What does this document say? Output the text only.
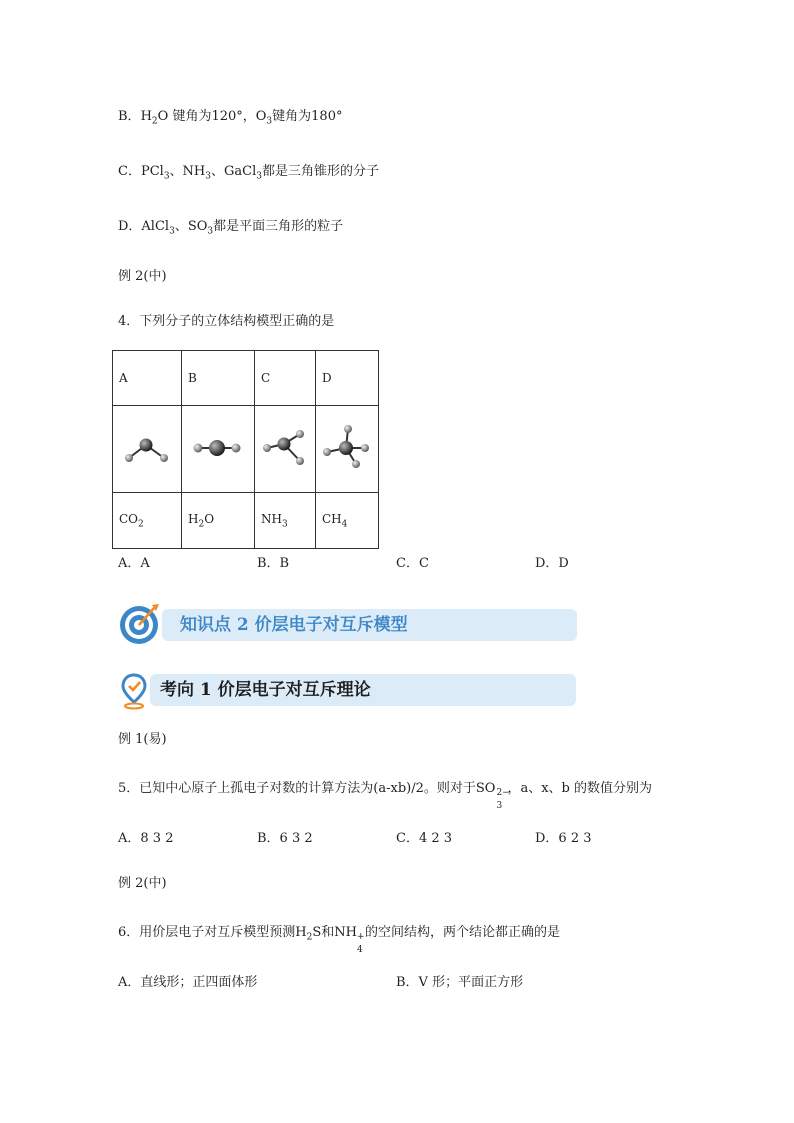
B．$H_2O$ 键角为120°，$O_3$键角为180°
C．PCl$_3$、$NH_3$、GaCl$_3$都是三角锥形的分子
D．AlCl$_3$、$SO_3$都是平面三角形的粒子
例 2(中)
4．下列分子的立体结构模型正确的是
A	B	C	D

$CO_2$	$H_2O$	$NH_3$	$CH_4$
A．A	B．B	C．C	D．D
知识点 2 价层电子对互斥模型
考向 1 价层电子对互斥理论
例 1(易)
5．已知中心原子上孤电子对数的计算方法为(a-xb)/2。则对于SO 2−
3
，a、x、b 的数值分别为
A．8 3 2	B．6 3 2	C．4 2 3	D．6 2 3
例 2(中)
6．用价层电子对互斥模型预测$H_2S$和NH +
4
的空间结构，两个结论都正确的是
A．直线形；正四面体形	B．V 形；平面正方形
